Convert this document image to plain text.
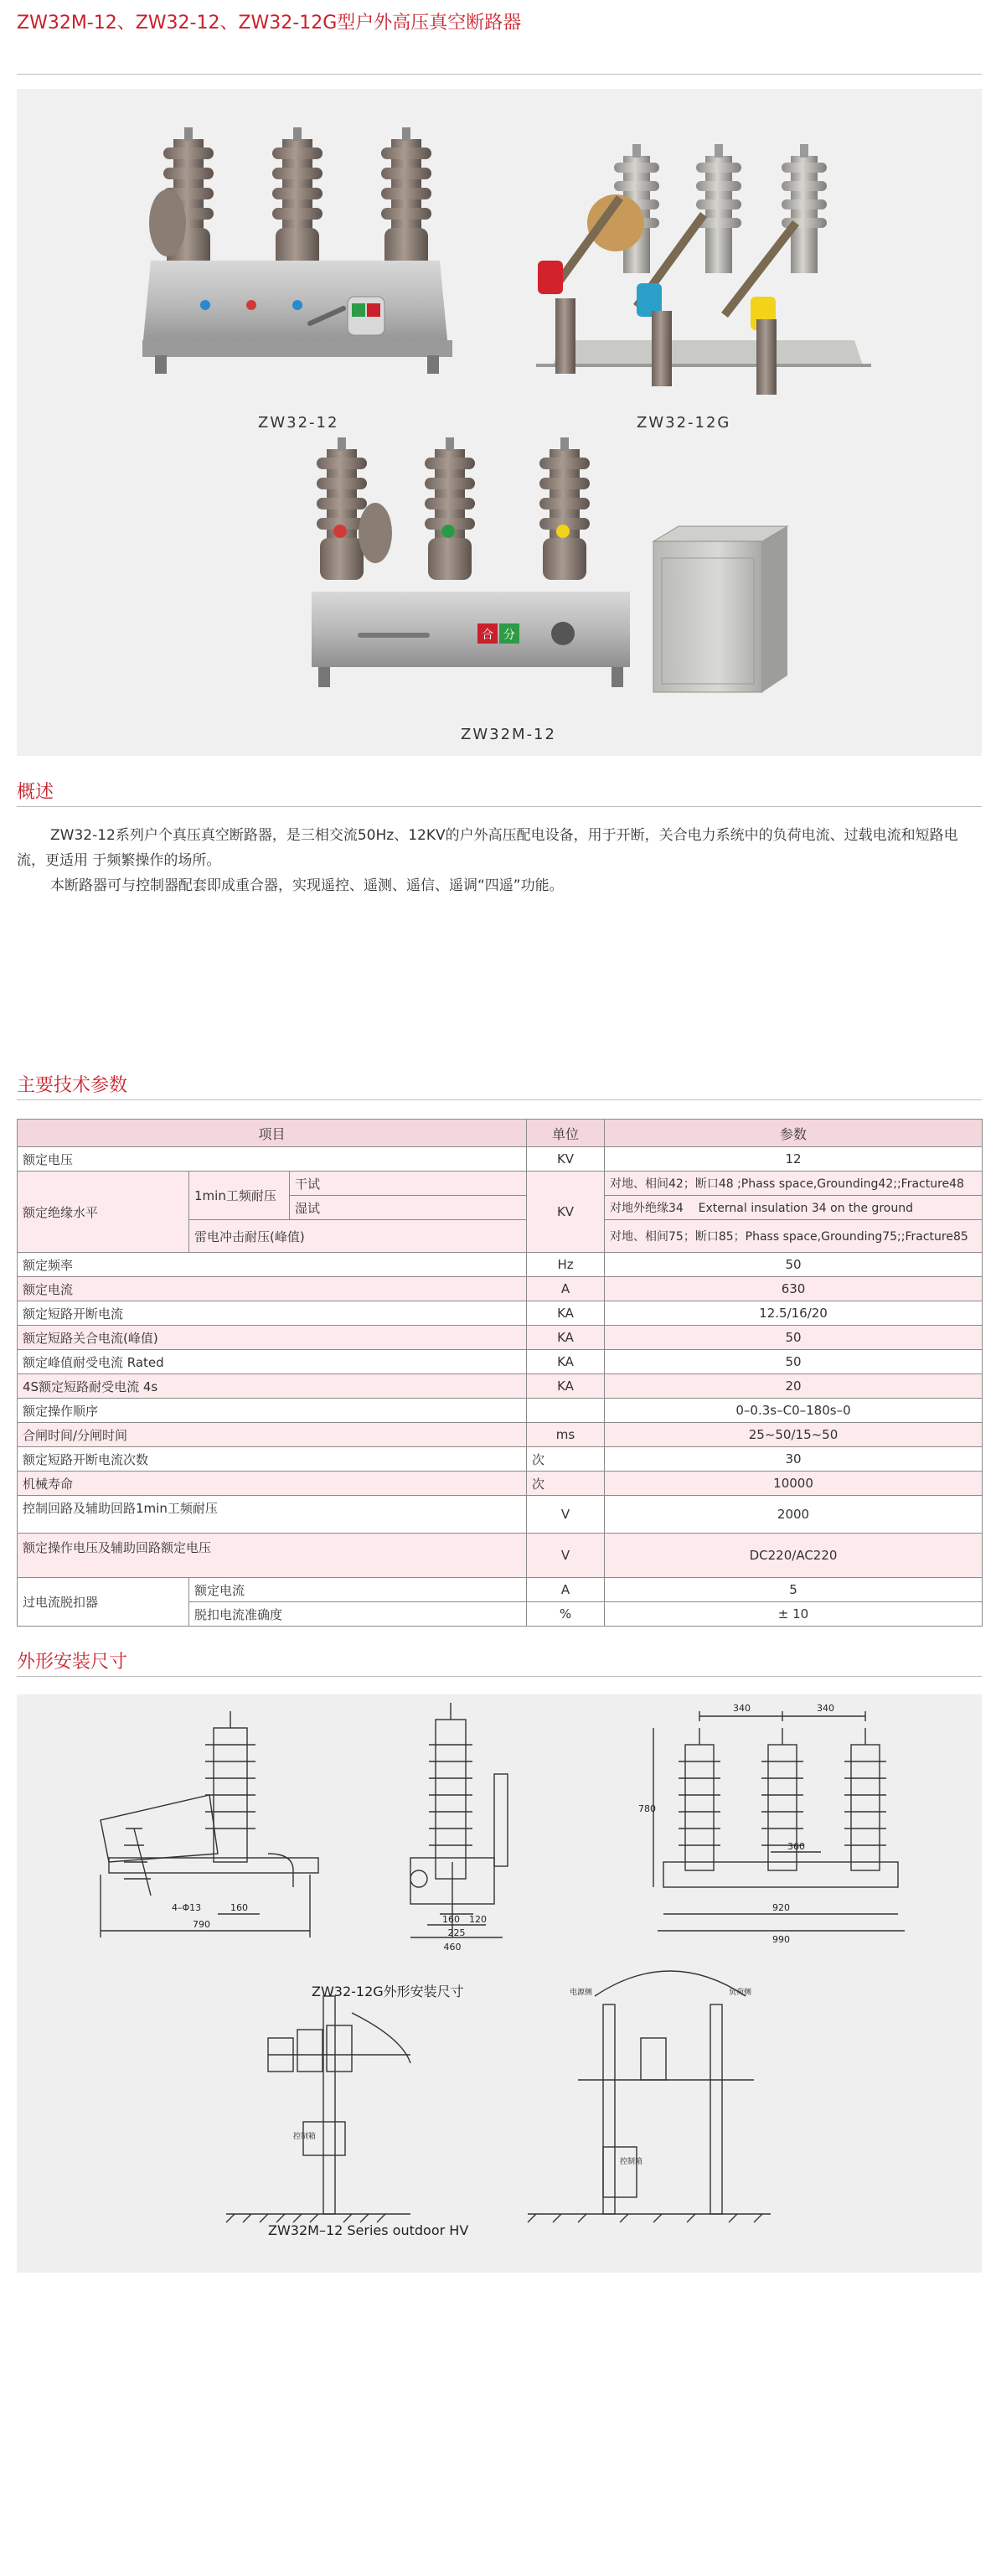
ZW32M-12、ZW32-12、ZW32-12G型户外高压真空断路器
合 分
ZW32-12	ZW32-12G
ZW32M-12
概述

ZW32-12系列户个真压真空断路器，是三相交流50Hz、12KV的户外高压配电设备，用于开断，关合电力系统中的负荷电流、过载电流和短路电流，更适用 于频繁操作的场所。

本断路器可与控制器配套即成重合器，实现遥控、遥测、遥信、遥调“四遥”功能。

主要技术参数
项目			单位	参数
额定电压			KV	12
额定绝缘水平	1min工频耐压	干试	KV	对地、相间42；断口48 ;Phass space,Grounding42;;Fracture48
		湿试		对地外绝缘34 External insulation 34 on the ground
	雷电冲击耐压(峰值)			对地、相间75；断口85；Phass space,Grounding75;;Fracture85
额定频率			Hz	50
额定电流			A	630
额定短路开断电流			KA	12.5/16/20
额定短路关合电流(峰值)			KA	50
额定峰值耐受电流 Rated			KA	50
4S额定短路耐受电流 4s			KA	20
额定操作顺序				0–0.3s–C0–180s–0
合闸时间/分闸时间			ms	25~50/15~50
额定短路开断电流次数			次	30
机械寿命			次	10000
控制回路及辅助回路1min工频耐压			V	2000
额定操作电压及辅助回路额定电压			V	DC220/AC220
过电流脱扣器	额定电流		A	5
	脱扣电流准确度		%	± 10
外形安装尺寸
790
160
4–Φ13
460
225
160 120
340	340
780
360
920
990
控制箱
电源侧	负荷侧
控制箱
ZW32-12G外形安装尺寸
ZW32M–12 Series outdoor HV
